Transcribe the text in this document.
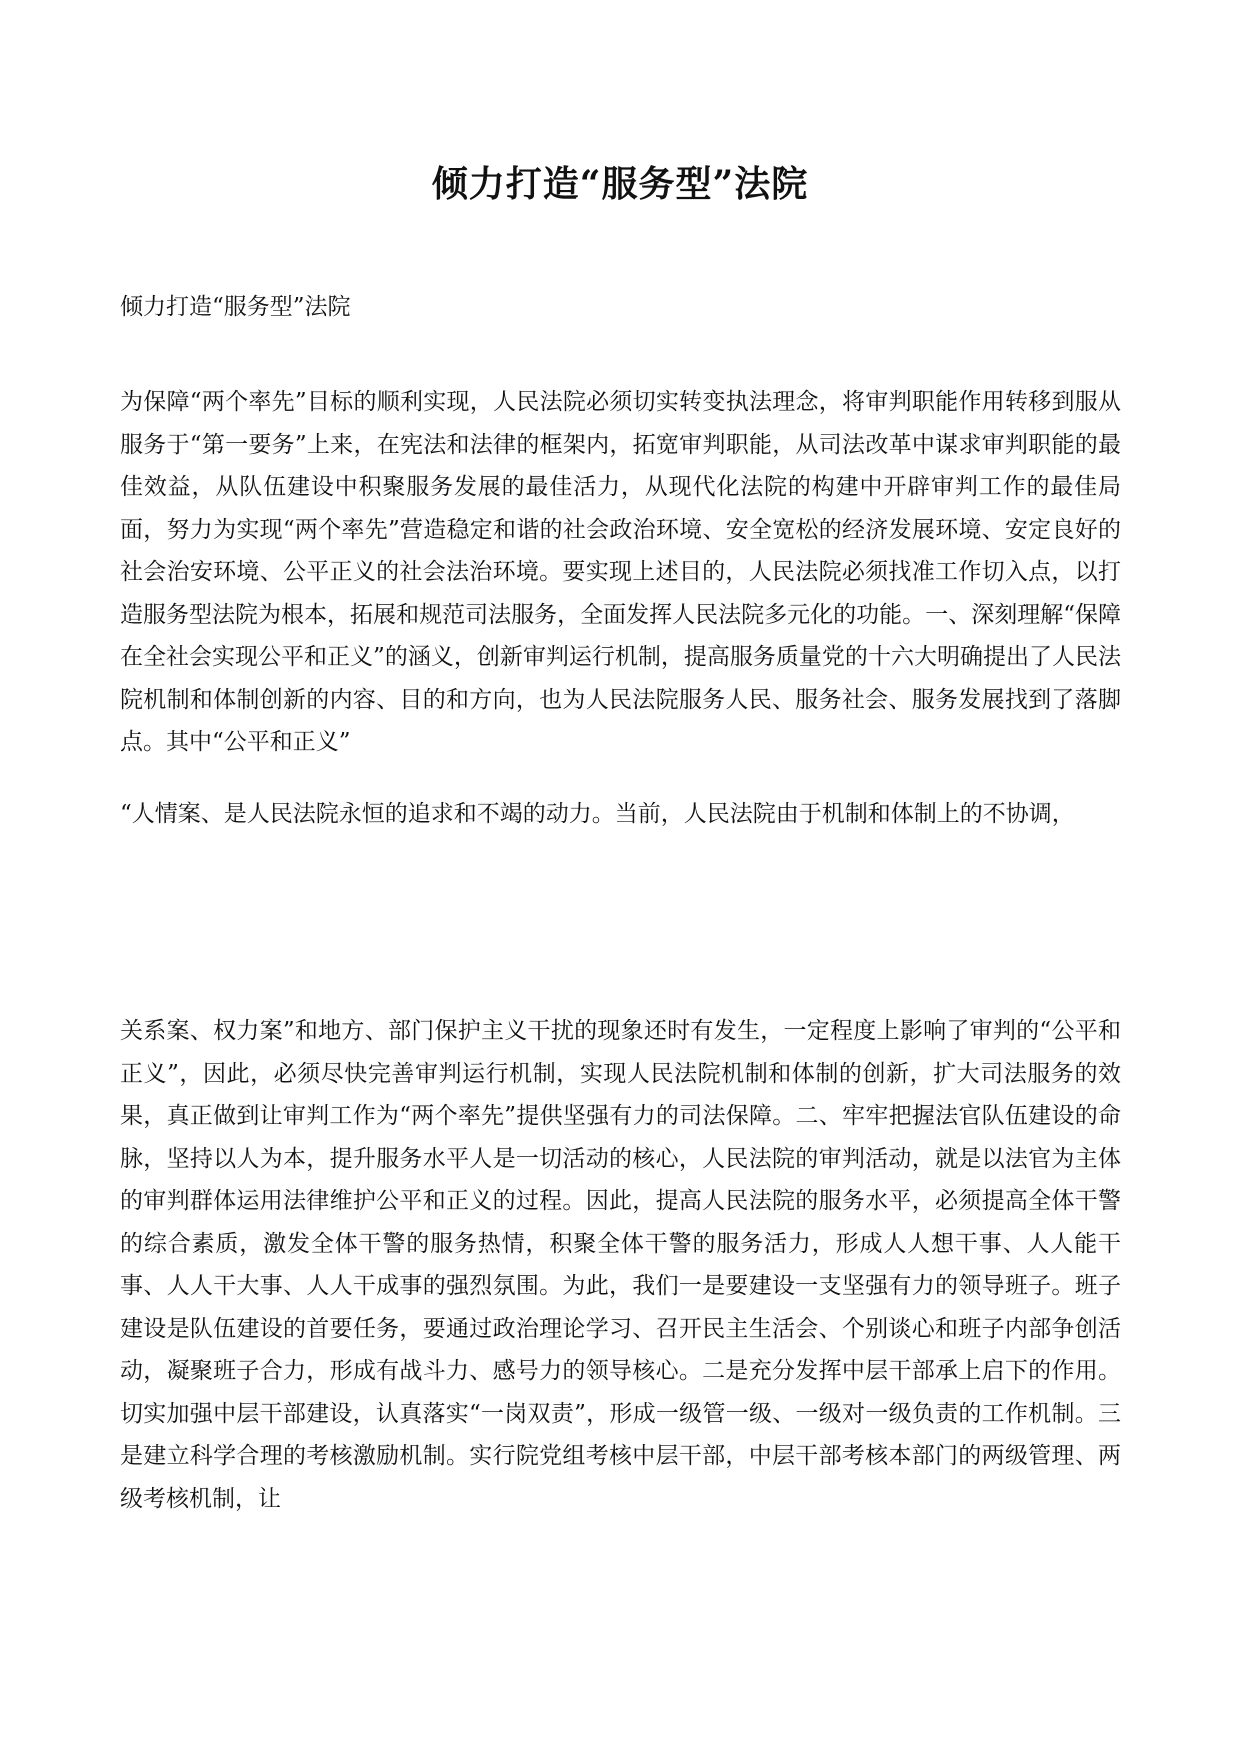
倾力打造“服务型”法院
倾力打造“服务型”法院

为保障“两个率先”目标的顺利实现，人民法院必须切实转变执法理念，将审判职能作用转移到服从服务于“第一要务”上来，在宪法和法律的框架内，拓宽审判职能，从司法改革中谋求审判职能的最佳效益，从队伍建设中积聚服务发展的最佳活力，从现代化法院的构建中开辟审判工作的最佳局面，努力为实现“两个率先”营造稳定和谐的社会政治环境、安全宽松的经济发展环境、安定良好的社会治安环境、公平正义的社会法治环境。要实现上述目的，人民法院必须找准工作切入点，以打造服务型法院为根本，拓展和规范司法服务，全面发挥人民法院多元化的功能。一、深刻理解“保障在全社会实现公平和正义”的涵义，创新审判运行机制，提高服务质量党的十六大明确提出了人民法院机制和体制创新的内容、目的和方向，也为人民法院服务人民、服务社会、服务发展找到了落脚点。其中“公平和正义”

“人情案、是人民法院永恒的追求和不竭的动力。当前，人民法院由于机制和体制上的不协调，

关系案、权力案”和地方、部门保护主义干扰的现象还时有发生，一定程度上影响了审判的“公平和正义”，因此，必须尽快完善审判运行机制，实现人民法院机制和体制的创新，扩大司法服务的效果，真正做到让审判工作为“两个率先”提供坚强有力的司法保障。二、牢牢把握法官队伍建设的命脉，坚持以人为本，提升服务水平人是一切活动的核心，人民法院的审判活动，就是以法官为主体的审判群体运用法律维护公平和正义的过程。因此，提高人民法院的服务水平，必须提高全体干警的综合素质，激发全体干警的服务热情，积聚全体干警的服务活力，形成人人想干事、人人能干事、人人干大事、人人干成事的强烈氛围。为此，我们一是要建设一支坚强有力的领导班子。班子建设是队伍建设的首要任务，要通过政治理论学习、召开民主生活会、个别谈心和班子内部争创活动，凝聚班子合力，形成有战斗力、感号力的领导核心。二是充分发挥中层干部承上启下的作用。切实加强中层干部建设，认真落实“一岗双责”，形成一级管一级、一级对一级负责的工作机制。三是建立科学合理的考核激励机制。实行院党组考核中层干部，中层干部考核本部门的两级管理、两级考核机制，让
